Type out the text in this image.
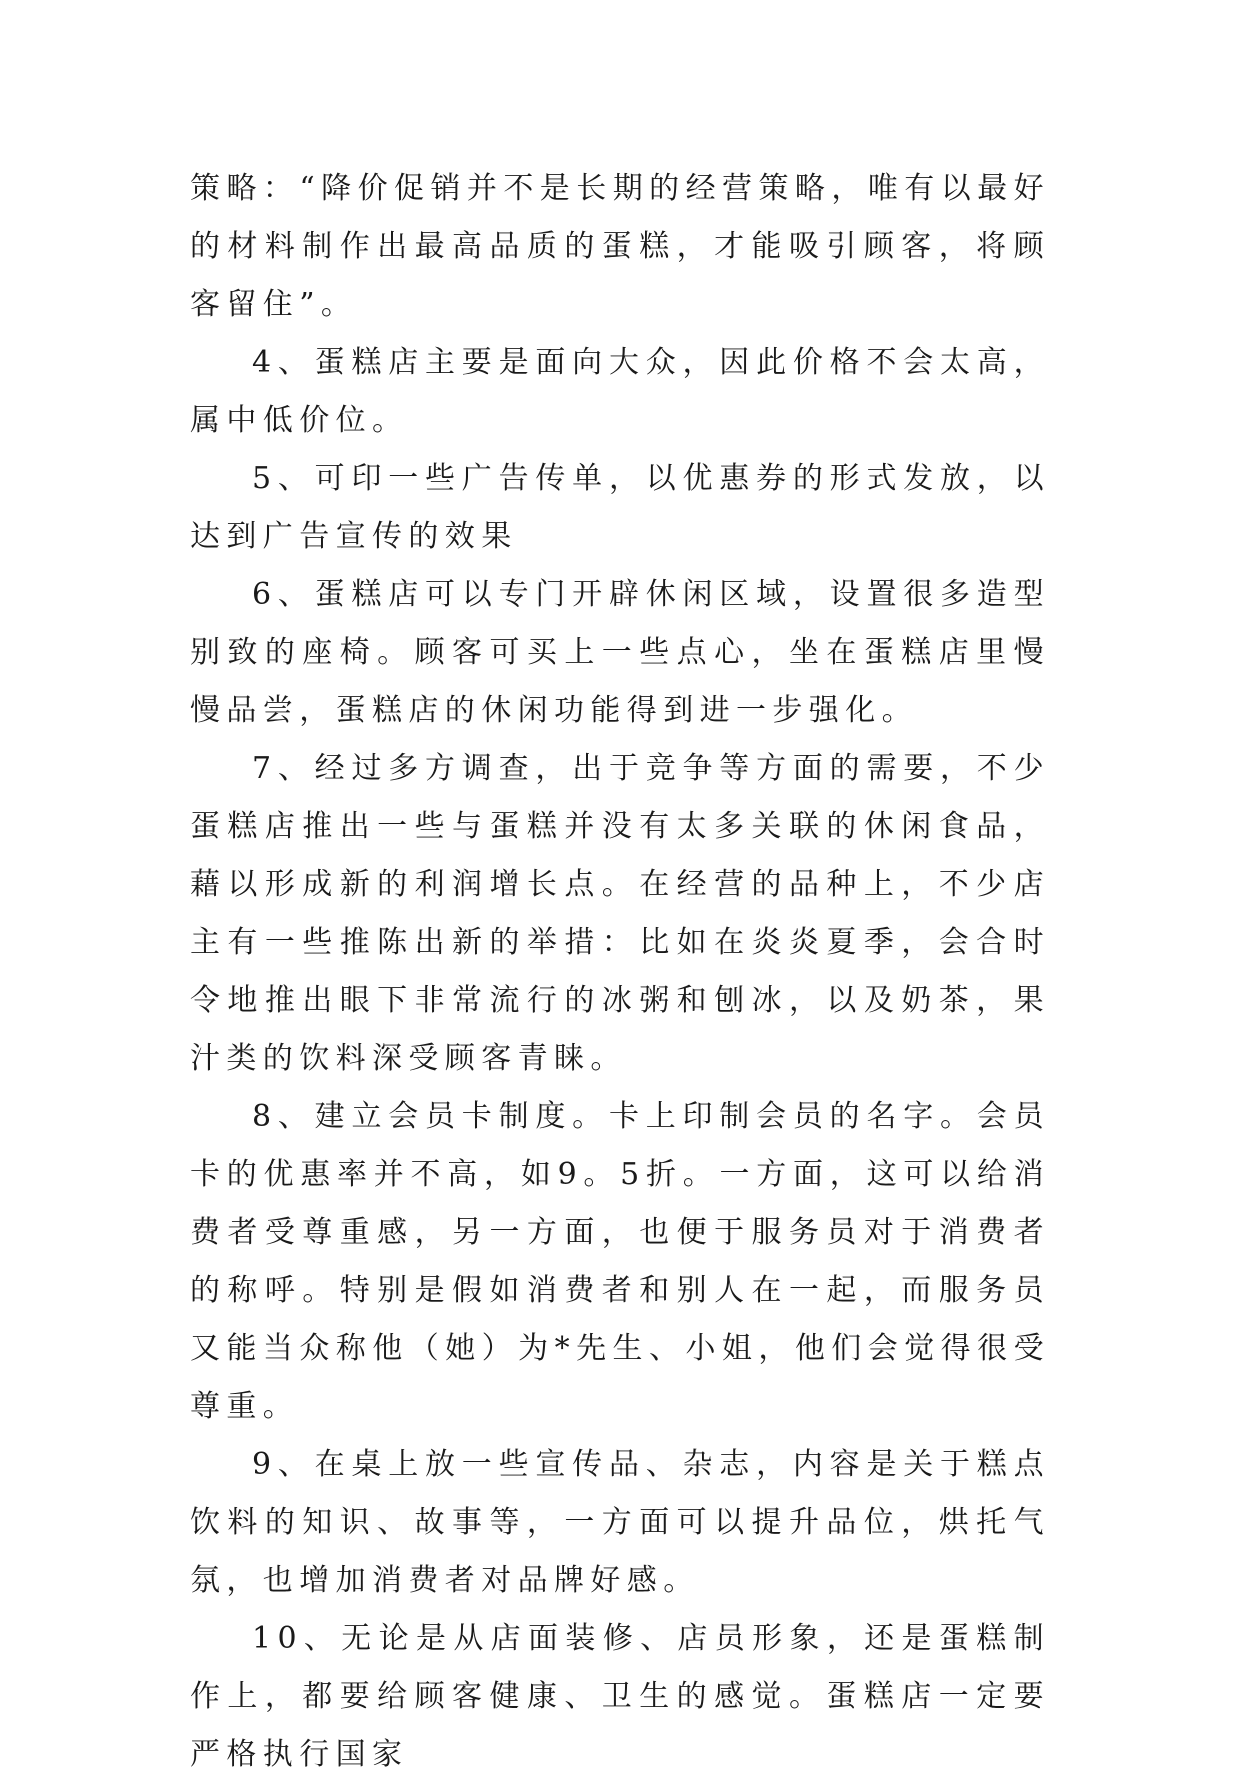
策略：“降价促销并不是长期的经营策略，唯有以最好的材料制作出最高品质的蛋糕，才能吸引顾客，将顾客留住”。

4、蛋糕店主要是面向大众，因此价格不会太高，属中低价位。

5、可印一些广告传单，以优惠券的形式发放，以达到广告宣传的效果

6、蛋糕店可以专门开辟休闲区域，设置很多造型别致的座椅。顾客可买上一些点心，坐在蛋糕店里慢慢品尝，蛋糕店的休闲功能得到进一步强化。

7、经过多方调查，出于竞争等方面的需要，不少蛋糕店推出一些与蛋糕并没有太多关联的休闲食品，藉以形成新的利润增长点。在经营的品种上，不少店主有一些推陈出新的举措：比如在炎炎夏季，会合时令地推出眼下非常流行的冰粥和刨冰，以及奶茶，果汁类的饮料深受顾客青睐。

8、建立会员卡制度。卡上印制会员的名字。会员卡的优惠率并不高，如9。5折。一方面，这可以给消费者受尊重感，另一方面，也便于服务员对于消费者的称呼。特别是假如消费者和别人在一起，而服务员又能当众称他（她）为*先生、小姐，他们会觉得很受尊重。

9、在桌上放一些宣传品、杂志，内容是关于糕点饮料的知识、故事等，一方面可以提升品位，烘托气氛，也增加消费者对品牌好感。

10、无论是从店面装修、店员形象，还是蛋糕制作上，都要给顾客健康、卫生的感觉。蛋糕店一定要严格执行国家
